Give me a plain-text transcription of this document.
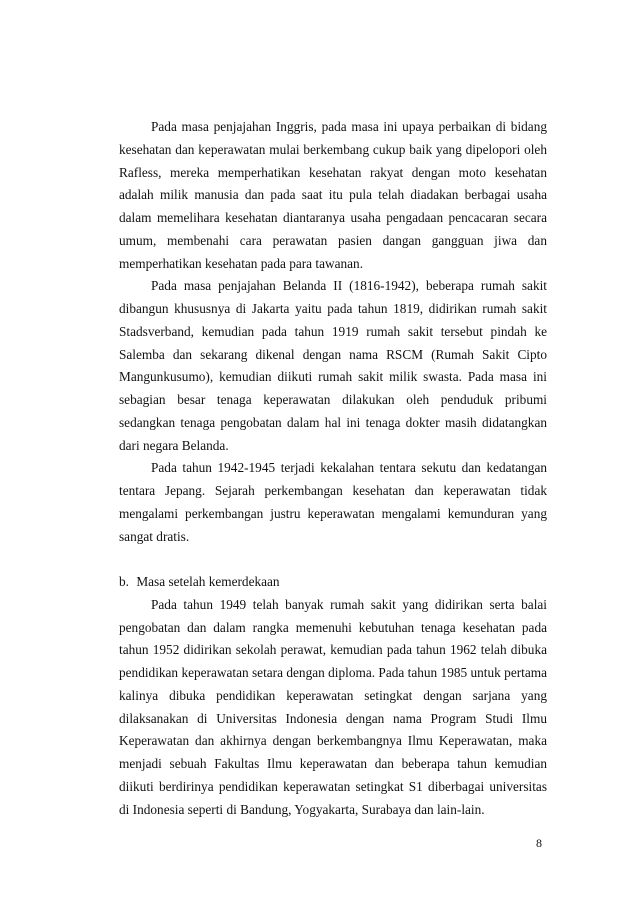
Pada masa penjajahan Inggris, pada masa ini upaya perbaikan di bidang kesehatan dan keperawatan mulai berkembang cukup baik yang dipelopori oleh Rafless, mereka memperhatikan kesehatan rakyat dengan moto kesehatan adalah milik manusia dan pada saat itu pula telah diadakan berbagai usaha dalam memelihara kesehatan diantaranya usaha pengadaan pencacaran secara umum, membenahi cara perawatan pasien dangan gangguan jiwa dan memperhatikan kesehatan pada para tawanan.

Pada masa penjajahan Belanda II (1816-1942), beberapa rumah sakit dibangun khususnya di Jakarta yaitu pada tahun 1819, didirikan rumah sakit Stadsverband, kemudian pada tahun 1919 rumah sakit tersebut pindah ke Salemba dan sekarang dikenal dengan nama RSCM (Rumah Sakit Cipto Mangunkusumo), kemudian diikuti rumah sakit milik swasta. Pada masa ini sebagian besar tenaga keperawatan dilakukan oleh penduduk pribumi sedangkan tenaga pengobatan dalam hal ini tenaga dokter masih didatangkan dari negara Belanda.

Pada tahun 1942-1945 terjadi kekalahan tentara sekutu dan kedatangan tentara Jepang. Sejarah perkembangan kesehatan dan keperawatan tidak mengalami perkembangan justru keperawatan mengalami kemunduran yang sangat dratis.

b. Masa setelah kemerdekaan

Pada tahun 1949 telah banyak rumah sakit yang didirikan serta balai pengobatan dan dalam rangka memenuhi kebutuhan tenaga kesehatan pada tahun 1952 didirikan sekolah perawat, kemudian pada tahun 1962 telah dibuka pendidikan keperawatan setara dengan diploma. Pada tahun 1985 untuk pertama kalinya dibuka pendidikan keperawatan setingkat dengan sarjana yang dilaksanakan di Universitas Indonesia dengan nama Program Studi Ilmu Keperawatan dan akhirnya dengan berkembangnya Ilmu Keperawatan, maka menjadi sebuah Fakultas Ilmu keperawatan dan beberapa tahun kemudian diikuti berdirinya pendidikan keperawatan setingkat S1 diberbagai universitas di Indonesia seperti di Bandung, Yogyakarta, Surabaya dan lain-lain.

8
